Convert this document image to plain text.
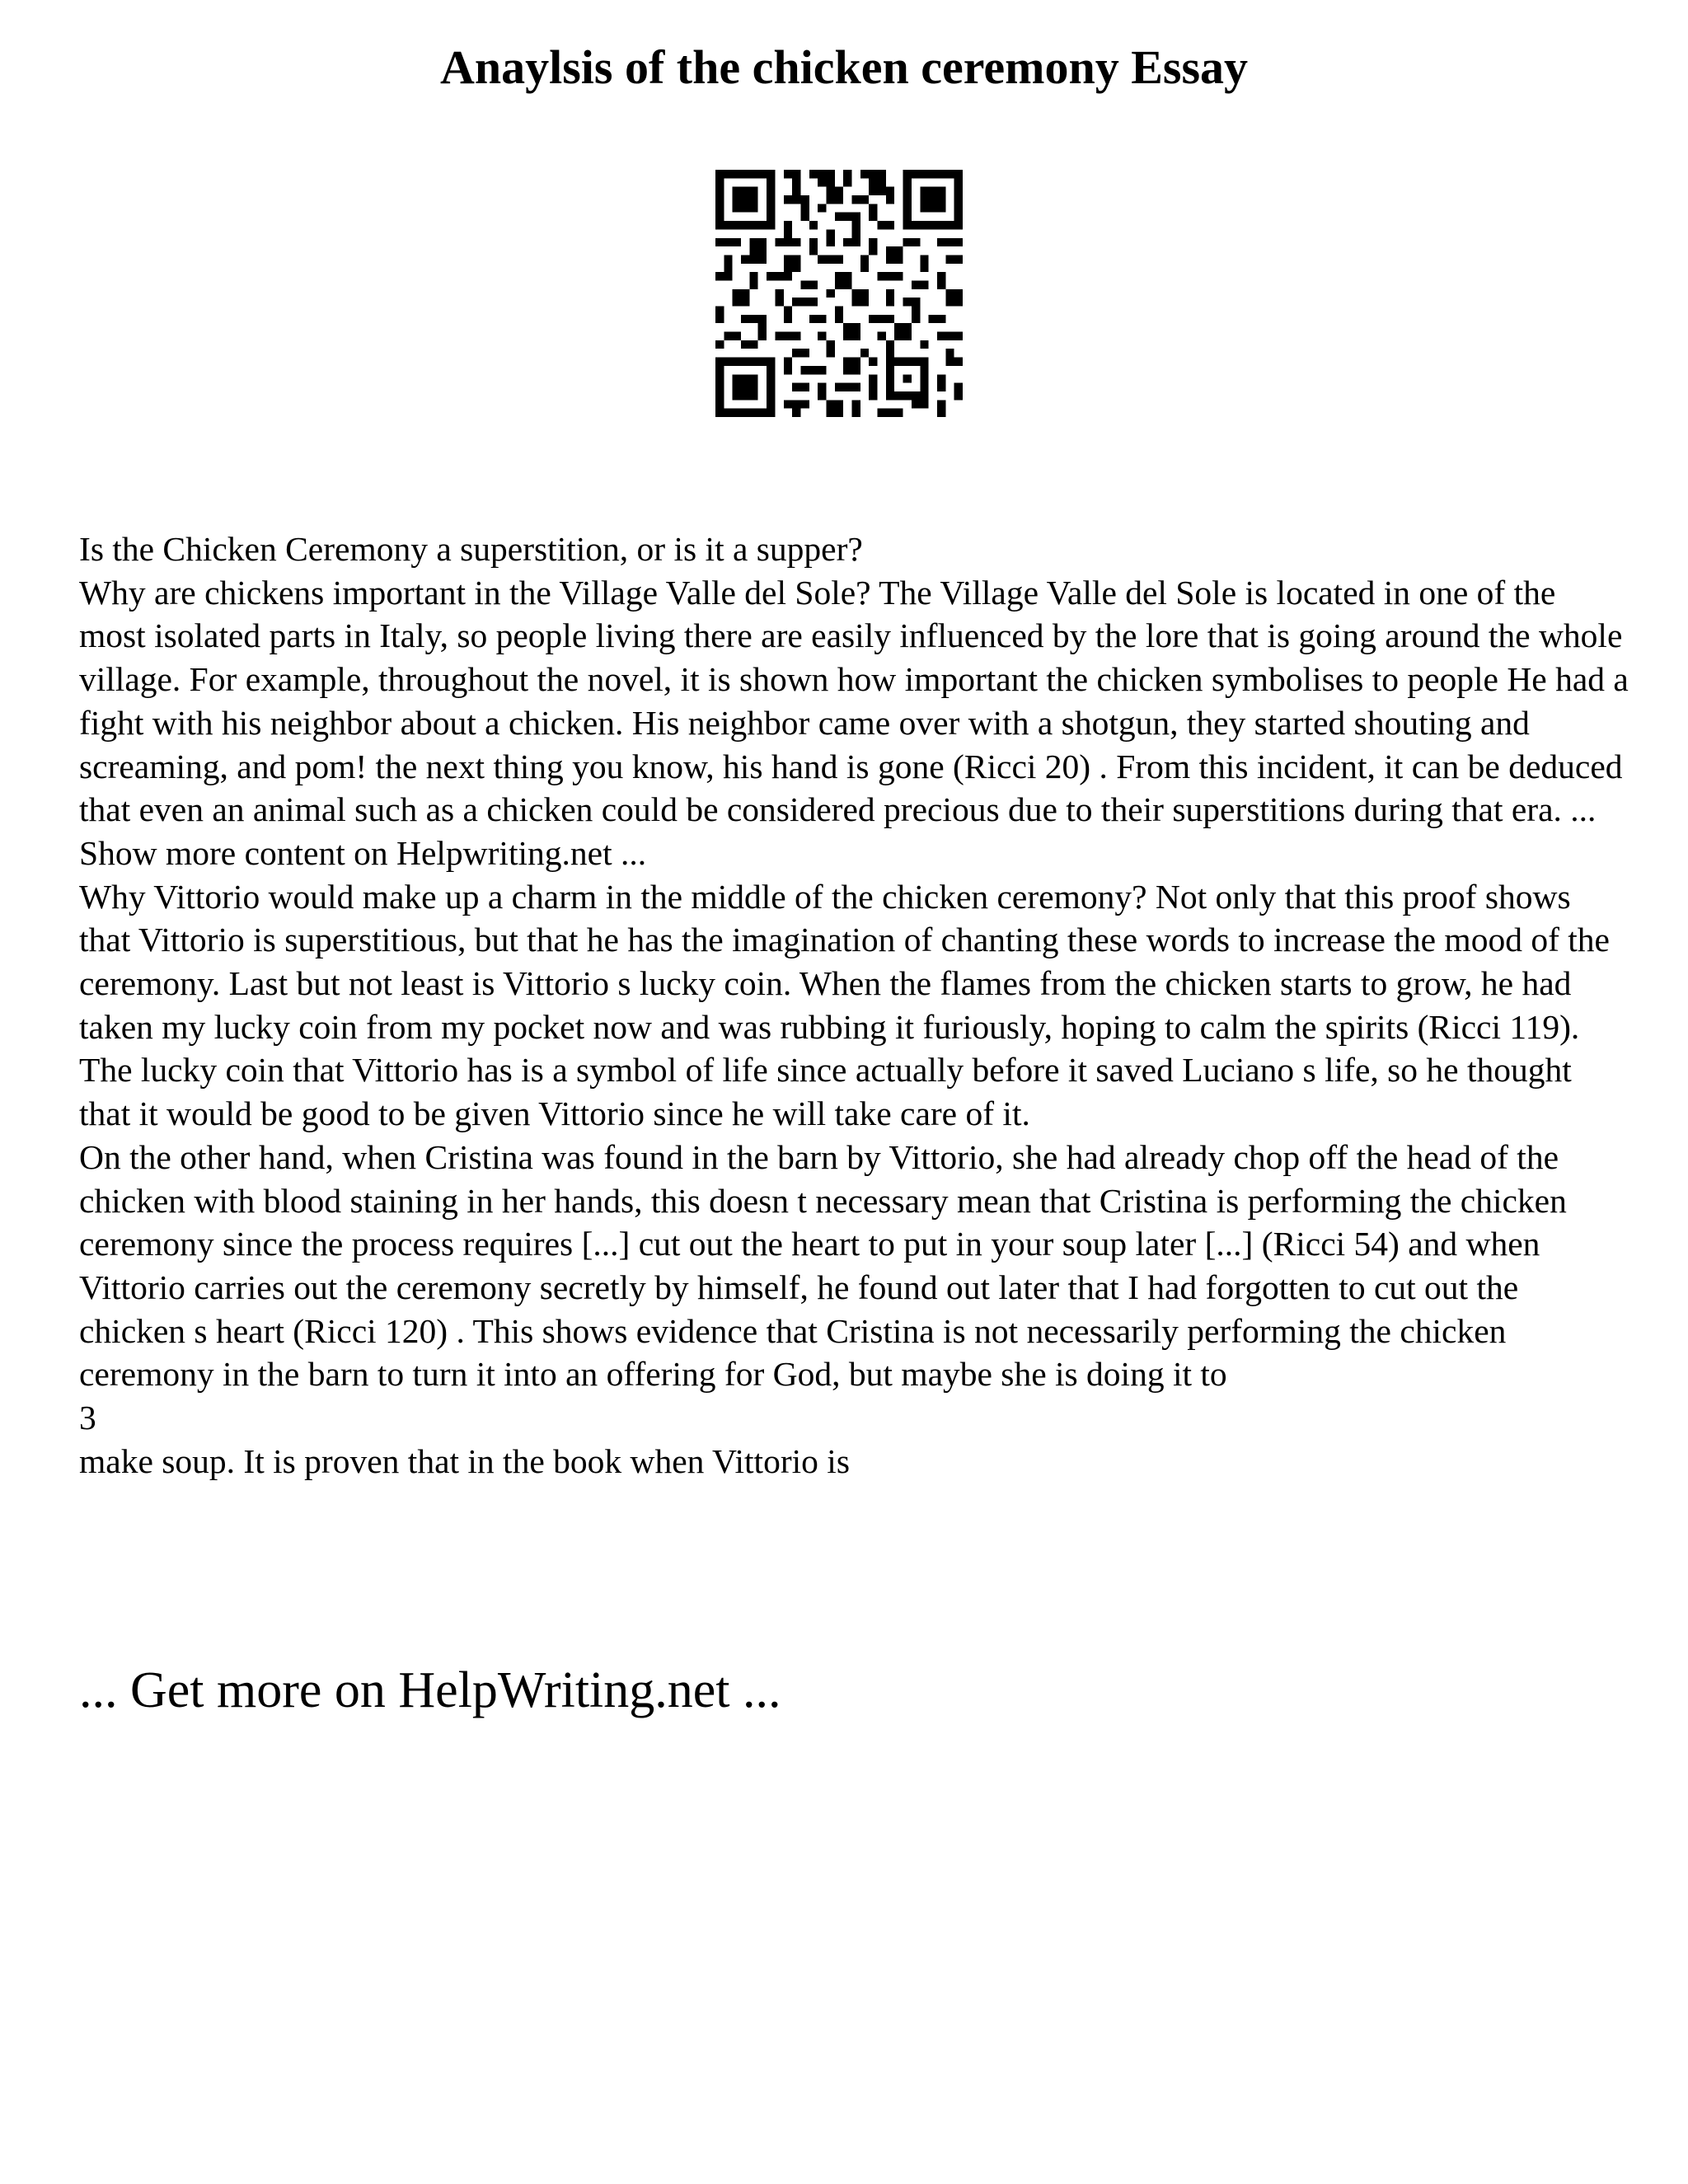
Anaylsis of the chicken ceremony Essay

Is the Chicken Ceremony a superstition, or is it a supper?

Why are chickens important in the Village Valle del Sole? The Village Valle del Sole is located in one of the most isolated parts in Italy, so people living there are easily influenced by the lore that is going around the whole village. For example, throughout the novel, it is shown how important the chicken symbolises to people He had a fight with his neighbor about a chicken. His neighbor came over with a shotgun, they started shouting and screaming, and pom! the next thing you know, his hand is gone (Ricci 20) . From this incident, it can be deduced that even an animal such as a chicken could be considered precious due to their superstitions during that era. ... Show more content on Helpwriting.net ...

Why Vittorio would make up a charm in the middle of the chicken ceremony? Not only that this proof shows that Vittorio is superstitious, but that he has the imagination of chanting these words to increase the mood of the ceremony. Last but not least is Vittorio s lucky coin. When the flames from the chicken starts to grow, he had taken my lucky coin from my pocket now and was rubbing it furiously, hoping to calm the spirits (Ricci 119). The lucky coin that Vittorio has is a symbol of life since actually before it saved Luciano s life, so he thought that it would be good to be given Vittorio since he will take care of it.

On the other hand, when Cristina was found in the barn by Vittorio, she had already chop off the head of the chicken with blood staining in her hands, this doesn t necessary mean that Cristina is performing the chicken ceremony since the process requires [...] cut out the heart to put in your soup later [...] (Ricci 54) and when Vittorio carries out the ceremony secretly by himself, he found out later that I had forgotten to cut out the chicken s heart (Ricci 120) . This shows evidence that Cristina is not necessarily performing the chicken ceremony in the barn to turn it into an offering for God, but maybe she is doing it to

3

make soup. It is proven that in the book when Vittorio is

... Get more on HelpWriting.net ...
